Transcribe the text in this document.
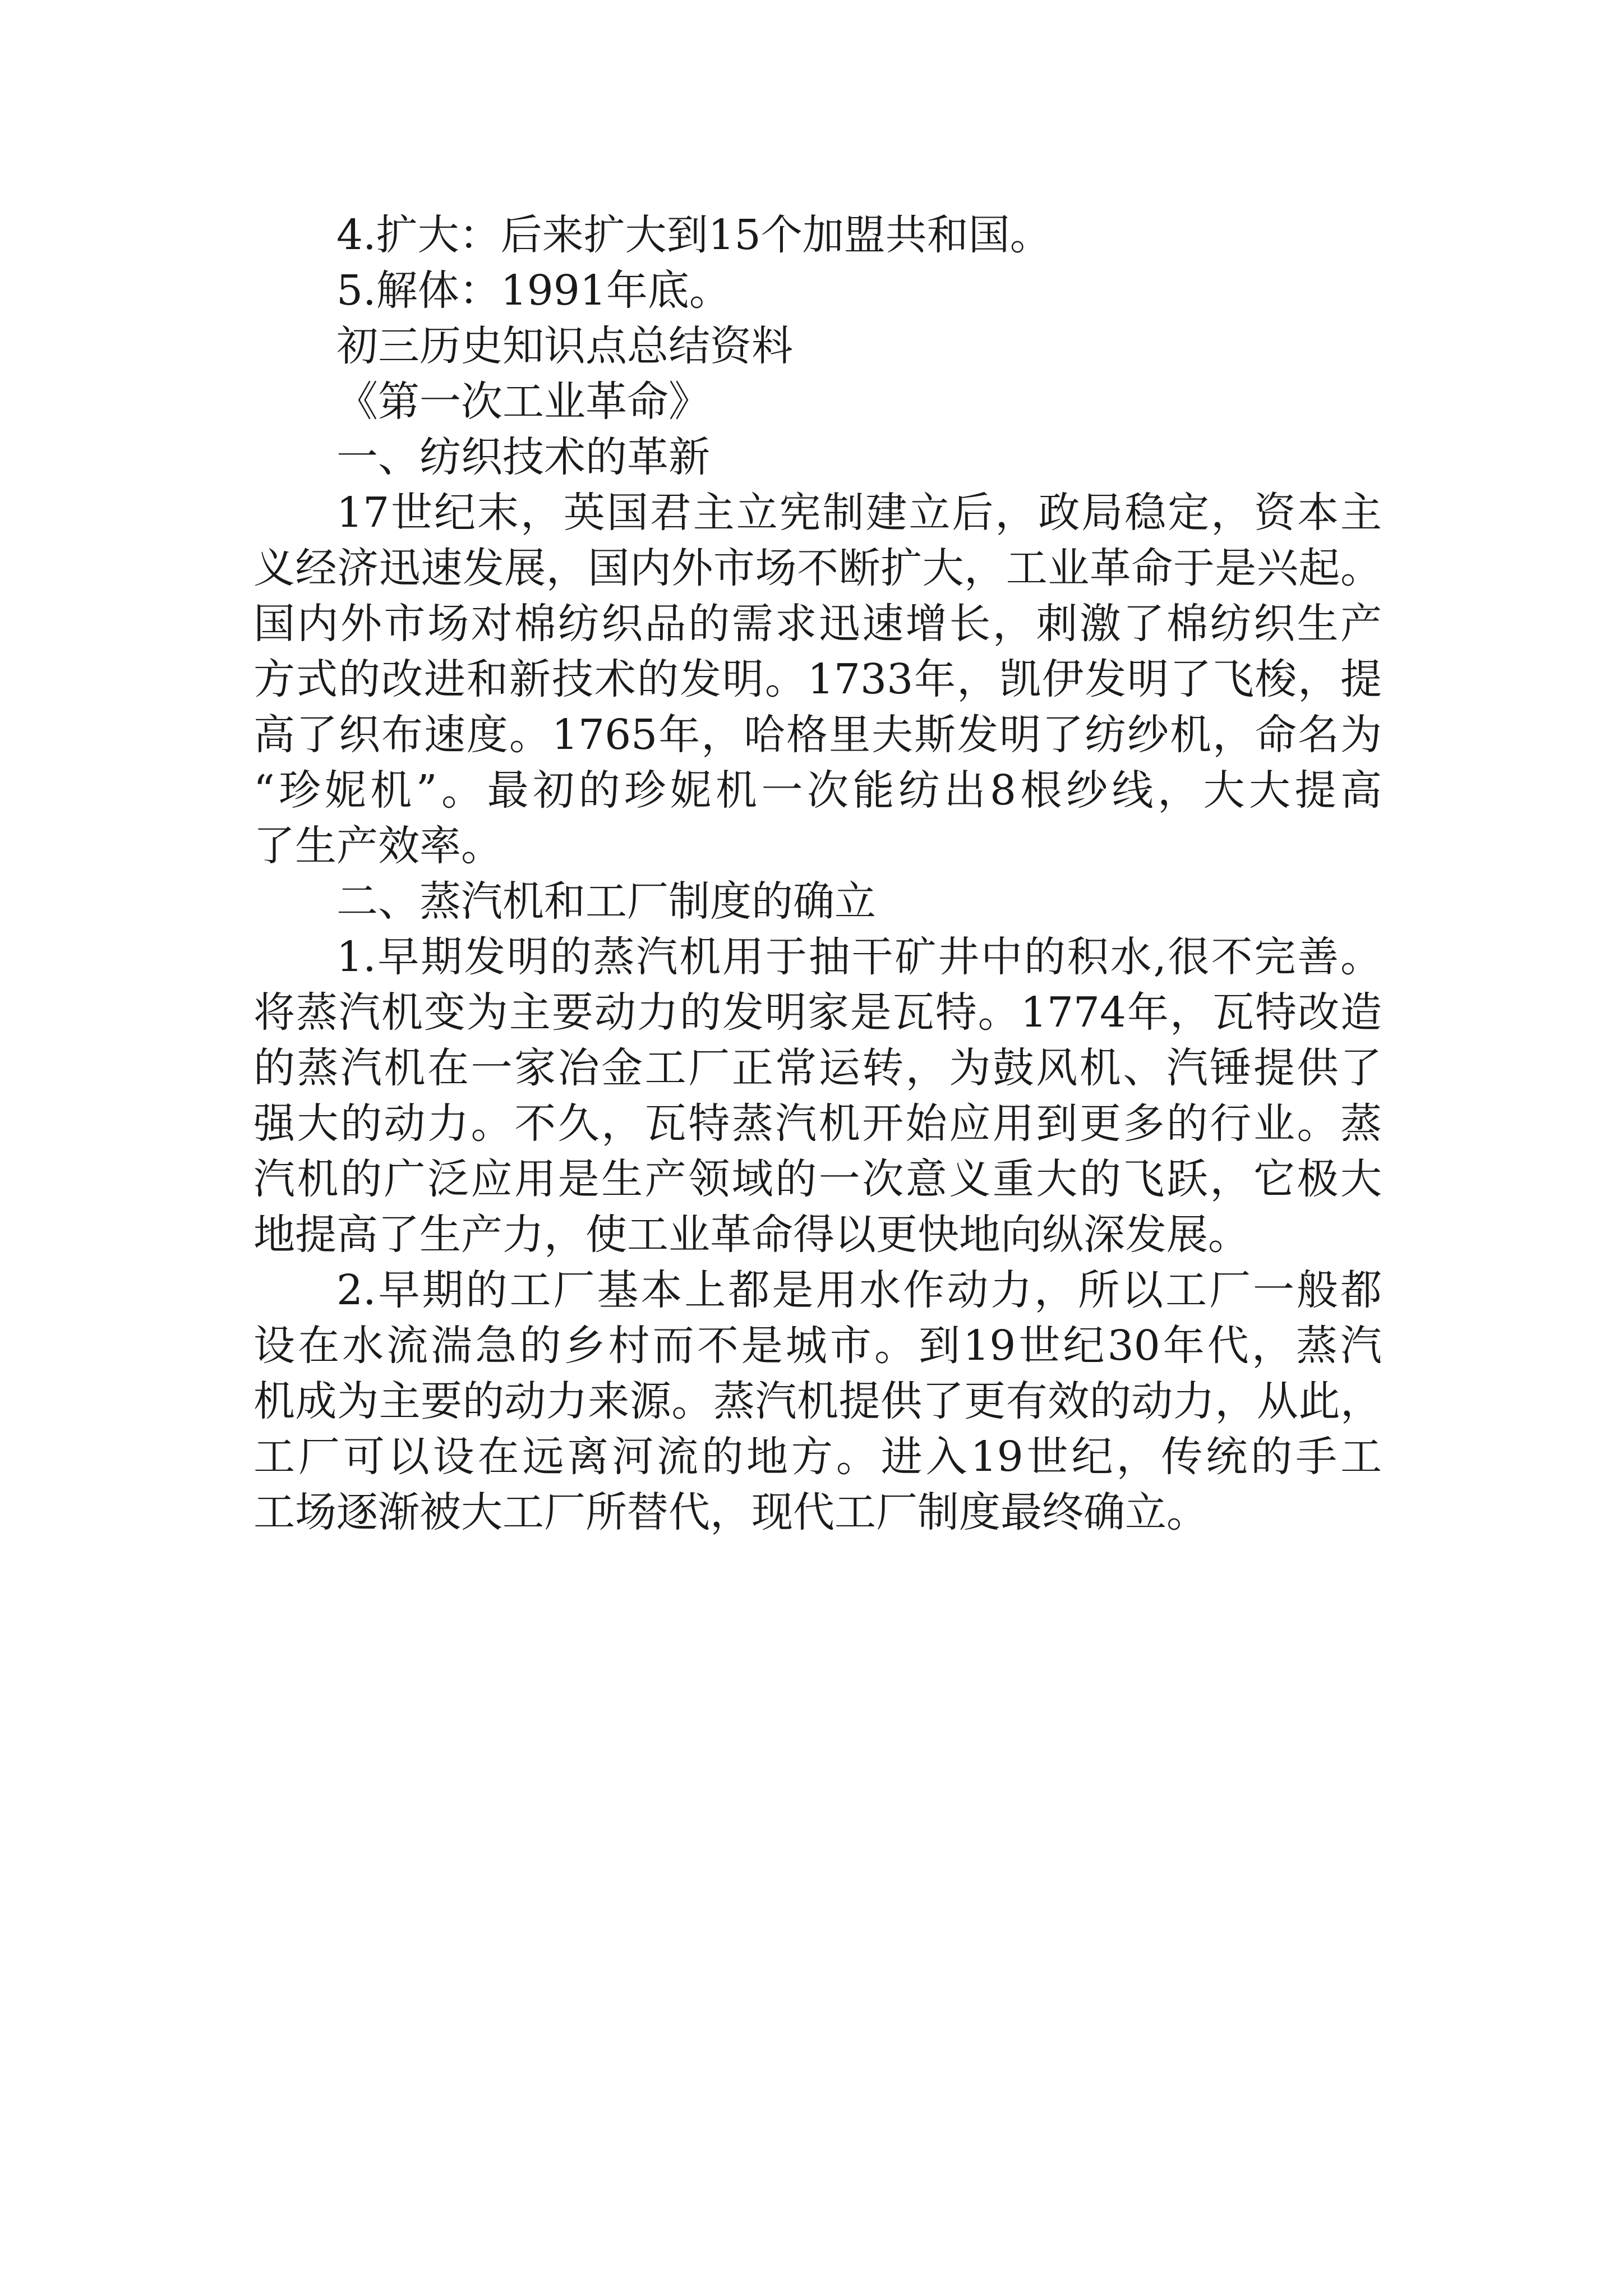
4.扩大：后来扩大到15个加盟共和国。

5.解体：1991年底。

初三历史知识点总结资料

《第一次工业革命》

一、纺织技术的革新

17世纪末，英国君主立宪制建立后，政局稳定，资本主

义经济迅速发展，国内外市场不断扩大，工业革命于是兴起。

国内外市场对棉纺织品的需求迅速增长，刺激了棉纺织生产

方式的改进和新技术的发明。1733年，凯伊发明了飞梭，提

高了织布速度。1765年，哈格里夫斯发明了纺纱机，命名为

“珍妮机”。最初的珍妮机一次能纺出8根纱线，大大提高

了生产效率。

二、蒸汽机和工厂制度的确立

1.早期发明的蒸汽机用于抽干矿井中的积水,很不完善。

将蒸汽机变为主要动力的发明家是瓦特。1774年，瓦特改造

的蒸汽机在一家冶金工厂正常运转，为鼓风机、汽锤提供了

强大的动力。不久，瓦特蒸汽机开始应用到更多的行业。蒸

汽机的广泛应用是生产领域的一次意义重大的飞跃，它极大

地提高了生产力，使工业革命得以更快地向纵深发展。

2.早期的工厂基本上都是用水作动力，所以工厂一般都

设在水流湍急的乡村而不是城市。到19世纪30年代，蒸汽

机成为主要的动力来源。蒸汽机提供了更有效的动力，从此，

工厂可以设在远离河流的地方。进入19世纪，传统的手工

工场逐渐被大工厂所替代，现代工厂制度最终确立。
